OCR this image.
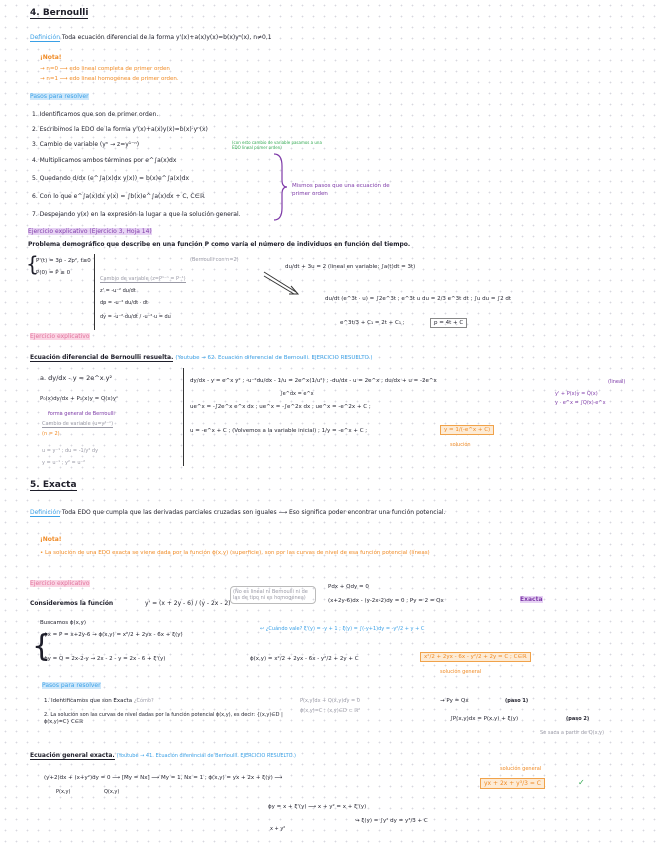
4. Bernoulli
Definición Toda ecuación diferencial de la forma y'(x)+a(x)y(x)=b(x)yⁿ(x), n≠0,1
¡Nota!
→ n=0 ⟶ edo lineal completa de primer orden
→ n=1 ⟶ edo lineal homogénea de primer orden.
Pasos para resolver
1. Identificamos que son de primer orden.
2. Escribimos la EDO de la forma y'(x)+a(x)y(x)=b(x)·yⁿ(x)
3. Cambio de variable (yⁿ → z=y¹⁻ⁿ)
4. Multiplicamos ambos términos por e^∫a(x)dx
5. Quedando d/dx (e^∫a(x)dx y(x)) = b(x)e^∫a(x)dx
6. Con lo que e^∫a(x)dx y(x) = ∫b(x)e^∫a(x)dx + C, C∈ℝ
7. Despejando y(x) en la expresión la lugar a que la solución general.
(con esto cambio de variable pasamos a una EDO lineal primer orden)
Mismos pasos que una ecuación de primer orden
Ejercicio explicativo (Ejercicio 3, Hoja 14)
Problema demográfico que describe en una función P como varía el número de individuos en función del tiempo.
{
P'(t) = 3p - 2p², t≥0
P(0) = P̄ ≥ 0
(Bernoulli con n=2)
Cambio de variable (z=P¹⁻ⁿ = P⁻¹)
z' = -u⁻² du/dt
dp = -u⁻² du/dt · dt
dy = -u⁻²·du/dt / -u⁻²·u = du
du/dt + 3u = 2 (lineal en variable; ∫a(t)dt = 3t)
du/dt (e^3t · u) = ∫2e^3t ; e^3t u du = 2/3 e^3t dt ; ∫u du = ∫2 dt
e^3t/3 + C₁ = 2t + C₁ ;	p = 4t + C
Ejercicio explicativo
Ecuación diferencial de Bernoulli resuelta. (Youtube → 62. Ecuación diferencial de Bernoulli. EJERCICIO RESUELTO.)
a. dy/dx - y = 2e^x y²
P₀(x)dy/dx + P₁(x)y = Q(x)yⁿ
forma general de Bernoulli
Cambio de variable (u=y¹⁻ⁿ)
(n = 2)
u = y⁻¹ ; du = -1/y² dy
y = u⁻¹ ; y² = u⁻²
dy/dx - y = e^x y² ; -u⁻²du/dx - 1/u = 2e^x(1/u²) ; -du/dx - u = 2e^x ; du/dx + u = -2e^x	(lineal)
y' + P(x)y = Q(x)
y · e^x = ∫Q(x)·e^x
∫e^dx = e^x
ue^x = -∫2e^x e^x dx ; ue^x = -∫e^2x dx ; ue^x = -e^2x + C ;
u = -e^x + C ; (Volvemos a la variable inicial) ; 1/y = -e^x + C ;	y = 1/(-e^x + C)
solución
5. Exacta
Definición Toda EDO que cumpla que las derivadas parciales cruzadas son iguales ⟶ Eso significa poder encontrar una función potencial.
¡Nota!
• La solución de una EDO exacta se viene dada por la función ϕ(x,y) (superficie), son por las curvas de nivel de esa función potencial (líneas)
Ejercicio explicativo
Consideremos la función	y' = (x + 2y - 6) / (y - 2x - 2)
(No es lineal ni Bernoulli ni de las de tipo ni es homogénea)
Pdx + Qdy = 0
(x+2y-6)dx - (y-2x-2)dy = 0 ; Py = 2 = Qx	Exacta
Buscamos ϕ(x,y)
{
ϕx = P = x+2y-6 → ϕ(x,y) = x²/2 + 2yx - 6x + ξ(y)
↩ ¿Cuándo vale? ξ'(y) = -y + 1 ; ξ(y) = ∫(-y+1)dy = -y²/2 + y + C
ϕy = Q = 2x-2-y → 2x - 2 - y = 2x - 6 + ξ'(y)	ϕ(x,y) = x²/2 + 2yx - 6x - y²/2 + 2y + C	x²/2 + 2yx - 6x - y²/2 + 2y = C ; C∈ℝ
solución general
Pasos para resolver
1. Identificamos que son Exacta ¿Cómo?	P(x,y)dx + Q(x,y)dy = 0
ϕ(x,y)=C ; (x,y)∈D ⊂ ℝ²
→ Py = Qx	(paso 1)
2. La solución son las curvas de nivel dadas por la función potencial ϕ(x,y), es decir: {(x,y)∈D | ϕ(x,y)=C} C∈ℝ	∫P(x,y)dx = P(x,y) + ξ(y)	(paso 2)
Se saca a partir de Q(x,y)
Ecuación general exacta. (Youtube → 41. Ecuación diferencial de Bernoulli. EJERCICIO RESUELTO.)
(y+2)dx + (x+y²)dy = 0 ⟶ [My = Nx] ⟶ My = 1, Nx = 1 ; ϕ(x,y) = yx + 2x + ξ(y) ⟶
P(x,y)	Q(x,y)
ϕy = x + ξ'(y) ⟶ x + y² = x + ξ'(y)
x + y²
↪ ξ(y) = ∫y² dy = y³/3 + C
solución general
yx + 2x + y³/3 = C	✓
